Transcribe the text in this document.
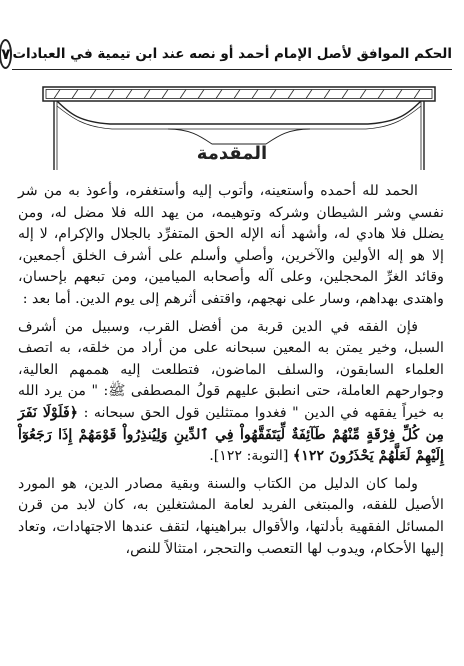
الحكم الموافق لأصل الإمام أحمد أو نصه عند ابن تيمية في العبادات
٧
المقدمة

الحمد لله أحمده وأستعينه، وأتوب إليه وأستغفره، وأعوذ به من شر نفسي وشر الشيطان وشركه وتوهيمه، من يهد الله فلا مضل له، ومن يضلل فلا هادي له، وأشهد أنه الإله الحق المتفرِّد بالجلال والإكرام، لا إله إلا هو إله الأولين والآخرين، وأصلي وأسلم على أشرف الخلق أجمعين، وقائد الغرِّ المحجلين، وعلى آله وأصحابه الميامين، ومن تبعهم بإحسان، واهتدى بهداهم، وسار على نهجهم، واقتفى أثرهم إلى يوم الدين. أما بعد :

فإن الفقه في الدين قربة من أفضل القرب، وسبيل من أشرف السبل، وخير يمتن به المعين سبحانه على من أراد من خلقه، به اتصف العلماء السابقون، والسلف الماضون، فتطلعت إليه هممهم العالية، وجوارحهم العاملة، حتى انطبق عليهم قولُ المصطفى ﷺ: " من يرد الله به خيراً يفقهه في الدين " فغدوا ممتثلين قول الحق سبحانه : ﴿فَلَوْلَا نَفَرَ مِن كُلِّ فِرْقَةٍ مِّنْهُمْ طَآئِفَةٌ لِّيَتَفَقَّهُواْ فِي ٱلدِّينِ وَلِيُنذِرُواْ قَوْمَهُمْ إِذَا رَجَعُوٓاْ إِلَيْهِمْ لَعَلَّهُمْ يَحْذَرُونَ ١٢٢﴾ [التوبة: ١٢٢].

ولما كان الدليل من الكتاب والسنة وبقية مصادر الدين، هو المورد الأصيل للفقه، والمبتغى الفريد لعامة المشتغلين به، كان لابد من قرن المسائل الفقهية بأدلتها، والأقوال ببراهينها، لتقف عندها الاجتهادات، وتعاد إليها الأحكام، ويدوب لها التعصب والتحجر، امتثالاً للنص،
